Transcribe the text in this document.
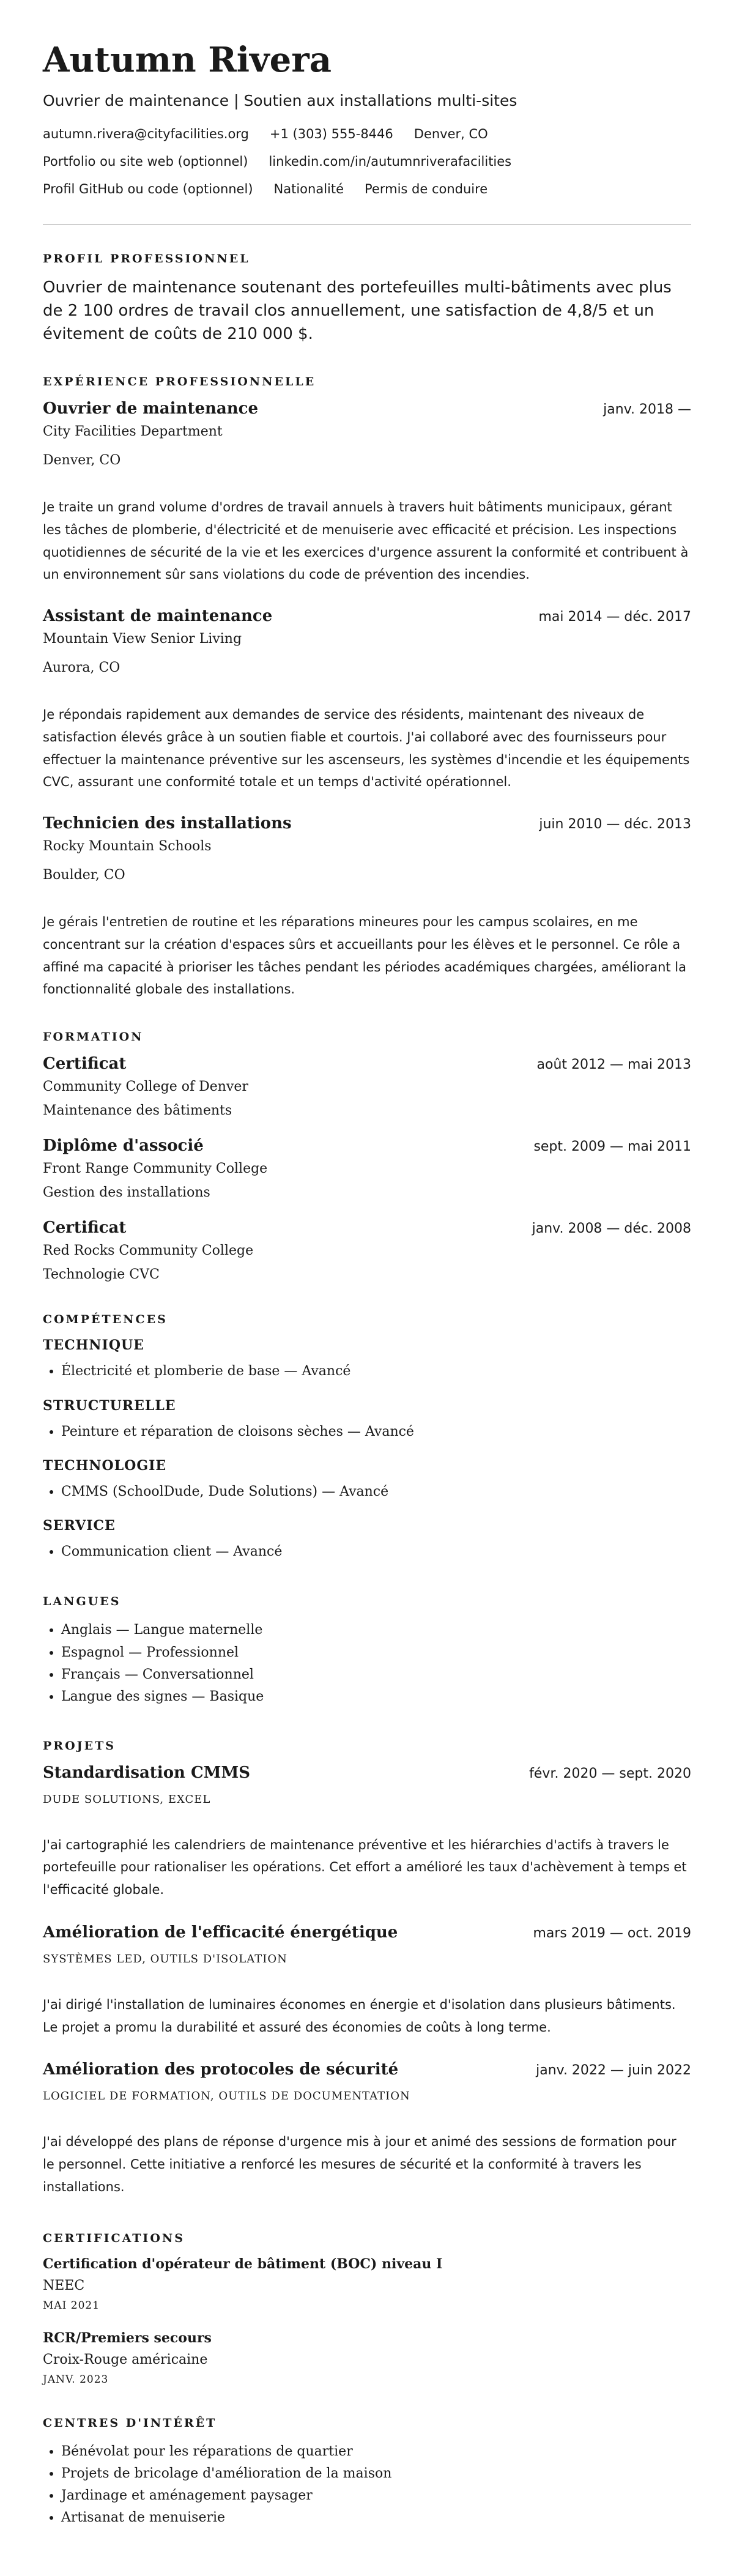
Autumn Rivera
Ouvrier de maintenance | Soutien aux installations multi-sites
autumn.rivera@cityfacilities.org +1 (303) 555-8446 Denver, CO
Portfolio ou site web (optionnel) linkedin.com/in/autumnriverafacilities
Profil GitHub ou code (optionnel) Nationalité Permis de conduire
PROFIL PROFESSIONNEL

Ouvrier de maintenance soutenant des portefeuilles multi-bâtiments avec plus de 2 100 ordres de travail clos annuellement, une satisfaction de 4,8/5 et un évitement de coûts de 210 000 $.

EXPÉRIENCE PROFESSIONNELLE
Ouvrier de maintenance	janv. 2018 —
City Facilities Department
Denver, CO
Je traite un grand volume d'ordres de travail annuels à travers huit bâtiments municipaux, gérant les tâches de plomberie, d'électricité et de menuiserie avec efficacité et précision. Les inspections quotidiennes de sécurité de la vie et les exercices d'urgence assurent la conformité et contribuent à un environnement sûr sans violations du code de prévention des incendies.
Assistant de maintenance	mai 2014 — déc. 2017
Mountain View Senior Living
Aurora, CO
Je répondais rapidement aux demandes de service des résidents, maintenant des niveaux de satisfaction élevés grâce à un soutien fiable et courtois. J'ai collaboré avec des fournisseurs pour effectuer la maintenance préventive sur les ascenseurs, les systèmes d'incendie et les équipements CVC, assurant une conformité totale et un temps d'activité opérationnel.
Technicien des installations	juin 2010 — déc. 2013
Rocky Mountain Schools
Boulder, CO
Je gérais l'entretien de routine et les réparations mineures pour les campus scolaires, en me concentrant sur la création d'espaces sûrs et accueillants pour les élèves et le personnel. Ce rôle a affiné ma capacité à prioriser les tâches pendant les périodes académiques chargées, améliorant la fonctionnalité globale des installations.
FORMATION
Certificat	août 2012 — mai 2013
Community College of Denver
Maintenance des bâtiments
Diplôme d'associé	sept. 2009 — mai 2011
Front Range Community College
Gestion des installations
Certificat	janv. 2008 — déc. 2008
Red Rocks Community College
Technologie CVC
COMPÉTENCES
TECHNIQUE
• Électricité et plomberie de base — Avancé
STRUCTURELLE
• Peinture et réparation de cloisons sèches — Avancé
TECHNOLOGIE
• CMMS (SchoolDude, Dude Solutions) — Avancé
SERVICE
• Communication client — Avancé
LANGUES
• Anglais — Langue maternelle
• Espagnol — Professionnel
• Français — Conversationnel
• Langue des signes — Basique
PROJETS
Standardisation CMMS	févr. 2020 — sept. 2020
DUDE SOLUTIONS, EXCEL
J'ai cartographié les calendriers de maintenance préventive et les hiérarchies d'actifs à travers le portefeuille pour rationaliser les opérations. Cet effort a amélioré les taux d'achèvement à temps et l'efficacité globale.
Amélioration de l'efficacité énergétique	mars 2019 — oct. 2019
SYSTÈMES LED, OUTILS D'ISOLATION
J'ai dirigé l'installation de luminaires économes en énergie et d'isolation dans plusieurs bâtiments. Le projet a promu la durabilité et assuré des économies de coûts à long terme.
Amélioration des protocoles de sécurité	janv. 2022 — juin 2022
LOGICIEL DE FORMATION, OUTILS DE DOCUMENTATION
J'ai développé des plans de réponse d'urgence mis à jour et animé des sessions de formation pour le personnel. Cette initiative a renforcé les mesures de sécurité et la conformité à travers les installations.
CERTIFICATIONS
Certification d'opérateur de bâtiment (BOC) niveau I
NEEC
MAI 2021
RCR/Premiers secours
Croix-Rouge américaine
JANV. 2023
CENTRES D'INTÉRÊT
• Bénévolat pour les réparations de quartier
• Projets de bricolage d'amélioration de la maison
• Jardinage et aménagement paysager
• Artisanat de menuiserie
